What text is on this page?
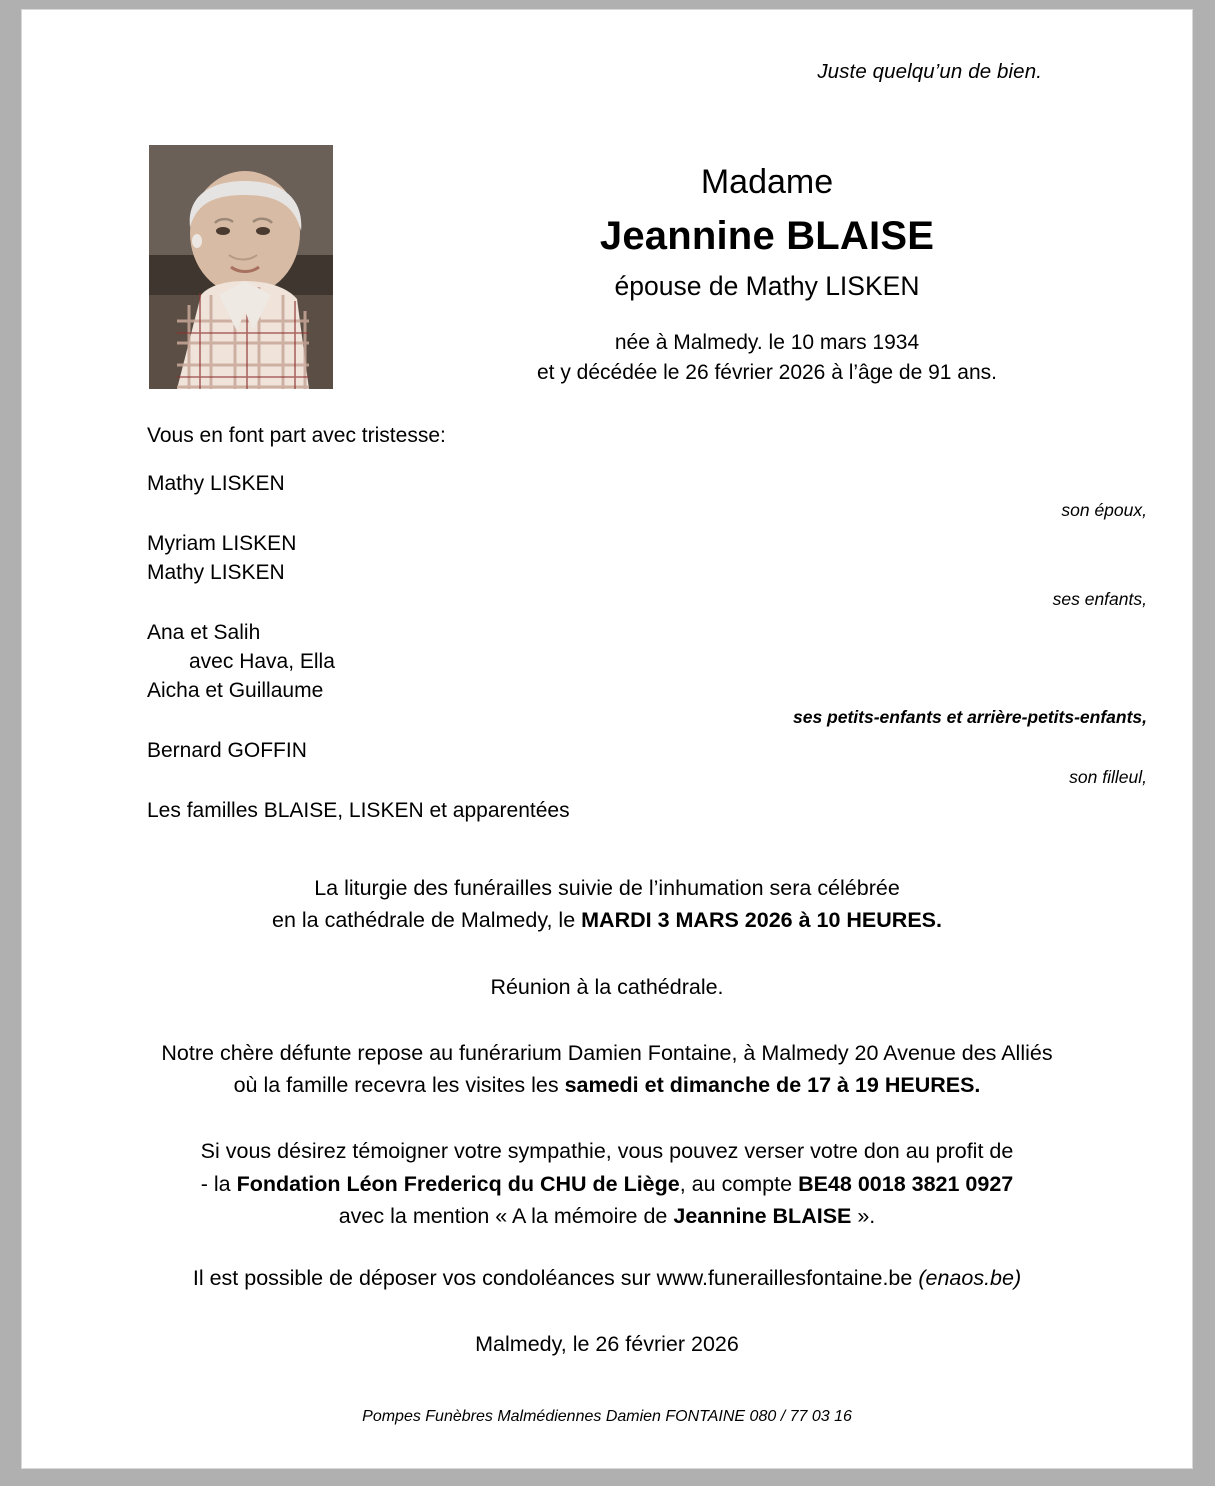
Juste quelqu’un de bien.
Madame
Jeannine BLAISE
épouse de Mathy LISKEN
née à Malmedy. le 10 mars 1934
et y décédée le 26 février 2026 à l’âge de 91 ans.
Vous en font part avec tristesse:
Mathy LISKEN
son époux,
Myriam LISKEN
Mathy LISKEN
ses enfants,
Ana et Salih
avec Hava, Ella
Aicha et Guillaume
ses petits-enfants et arrière-petits-enfants,
Bernard GOFFIN
son filleul,
Les familles BLAISE, LISKEN et apparentées

La liturgie des funérailles suivie de l’inhumation sera célébrée

en la cathédrale de Malmedy, le MARDI 3 MARS 2026 à 10 HEURES.

Réunion à la cathédrale.

Notre chère défunte repose au funérarium Damien Fontaine, à Malmedy 20 Avenue des Alliés

où la famille recevra les visites les samedi et dimanche de 17 à 19 HEURES.

Si vous désirez témoigner votre sympathie, vous pouvez verser votre don au profit de

- la Fondation Léon Fredericq du CHU de Liège, au compte BE48 0018 3821 0927

avec la mention « A la mémoire de Jeannine BLAISE ».

Il est possible de déposer vos condoléances sur www.funeraillesfontaine.be (enaos.be)

Malmedy, le 26 février 2026

Pompes Funèbres Malmédiennes Damien FONTAINE 080 / 77 03 16
